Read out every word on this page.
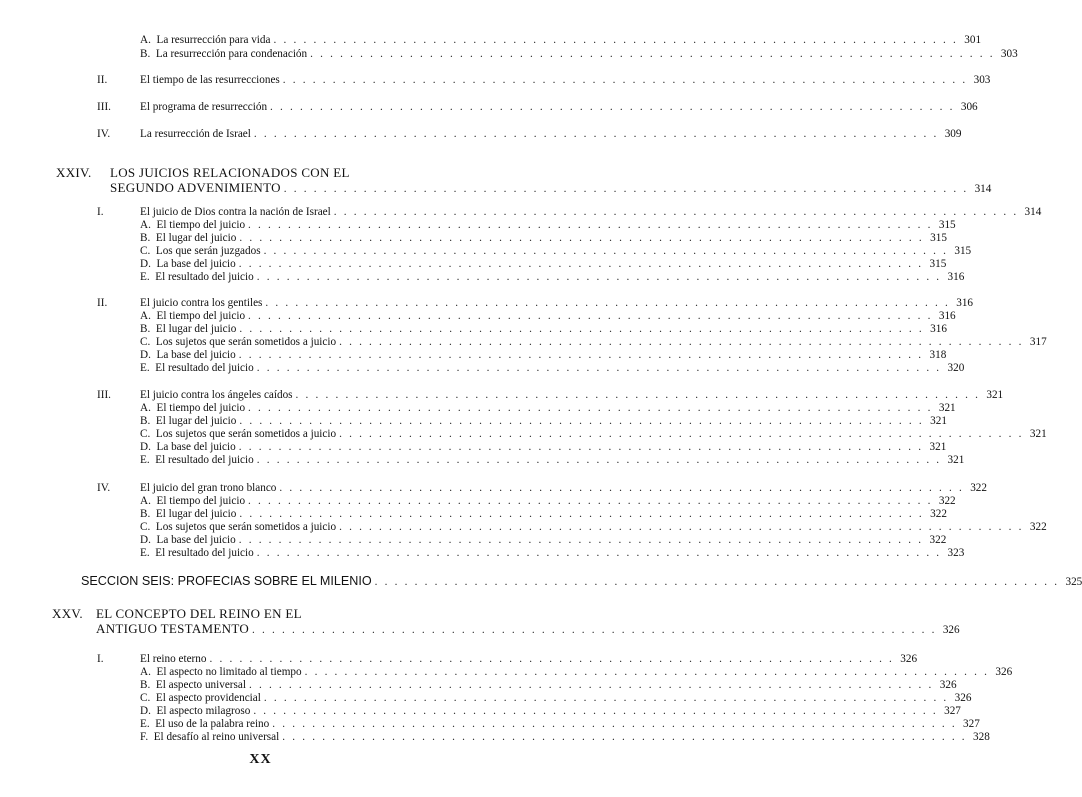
A. La resurrección para vida . . . . . . . . . . . . . . . . . . . . . . . . . . . . . . . . . . . . . . . . . . . . . . . . . . . . . . . . . . . . . . . . . . . . . 301
B. La resurrección para condenación . . . . . . . . . . . . . . . . . . . . . . . . . . . . . . . . . . . . . . . . . . . . . . . . . . . . . . . . . . . . . . . . . . . . . 303
II.	El tiempo de las resurrecciones . . . . . . . . . . . . . . . . . . . . . . . . . . . . . . . . . . . . . . . . . . . . . . . . . . . . . . . . . . . . . . . . . . . . . 303
III.	El programa de resurrección . . . . . . . . . . . . . . . . . . . . . . . . . . . . . . . . . . . . . . . . . . . . . . . . . . . . . . . . . . . . . . . . . . . . . 306
IV.	La resurrección de Israel . . . . . . . . . . . . . . . . . . . . . . . . . . . . . . . . . . . . . . . . . . . . . . . . . . . . . . . . . . . . . . . . . . . . . 309
XXIV. LOS JUICIOS RELACIONADOS CON EL
SEGUNDO ADVENIMIENTO . . . . . . . . . . . . . . . . . . . . . . . . . . . . . . . . . . . . . . . . . . . . . . . . . . . . . . . . . . . . . . . . . . . . . 314
I.	El juicio de Dios contra la nación de Israel . . . . . . . . . . . . . . . . . . . . . . . . . . . . . . . . . . . . . . . . . . . . . . . . . . . . . . . . . . . . . . . . . . . . . 314
A. El tiempo del juicio . . . . . . . . . . . . . . . . . . . . . . . . . . . . . . . . . . . . . . . . . . . . . . . . . . . . . . . . . . . . . . . . . . . . . 315
B. El lugar del juicio . . . . . . . . . . . . . . . . . . . . . . . . . . . . . . . . . . . . . . . . . . . . . . . . . . . . . . . . . . . . . . . . . . . . . 315
C. Los que serán juzgados . . . . . . . . . . . . . . . . . . . . . . . . . . . . . . . . . . . . . . . . . . . . . . . . . . . . . . . . . . . . . . . . . . . . . 315
D. La base del juicio . . . . . . . . . . . . . . . . . . . . . . . . . . . . . . . . . . . . . . . . . . . . . . . . . . . . . . . . . . . . . . . . . . . . . 315
E. El resultado del juicio . . . . . . . . . . . . . . . . . . . . . . . . . . . . . . . . . . . . . . . . . . . . . . . . . . . . . . . . . . . . . . . . . . . . . 316
II.	El juicio contra los gentiles . . . . . . . . . . . . . . . . . . . . . . . . . . . . . . . . . . . . . . . . . . . . . . . . . . . . . . . . . . . . . . . . . . . . . 316
A. El tiempo del juicio . . . . . . . . . . . . . . . . . . . . . . . . . . . . . . . . . . . . . . . . . . . . . . . . . . . . . . . . . . . . . . . . . . . . . 316
B. El lugar del juicio . . . . . . . . . . . . . . . . . . . . . . . . . . . . . . . . . . . . . . . . . . . . . . . . . . . . . . . . . . . . . . . . . . . . . 316
C. Los sujetos que serán sometidos a juicio . . . . . . . . . . . . . . . . . . . . . . . . . . . . . . . . . . . . . . . . . . . . . . . . . . . . . . . . . . . . . . . . . . . . . 317
D. La base del juicio . . . . . . . . . . . . . . . . . . . . . . . . . . . . . . . . . . . . . . . . . . . . . . . . . . . . . . . . . . . . . . . . . . . . . 318
E. El resultado del juicio . . . . . . . . . . . . . . . . . . . . . . . . . . . . . . . . . . . . . . . . . . . . . . . . . . . . . . . . . . . . . . . . . . . . . 320
III.	El juicio contra los ángeles caídos . . . . . . . . . . . . . . . . . . . . . . . . . . . . . . . . . . . . . . . . . . . . . . . . . . . . . . . . . . . . . . . . . . . . . 321
A. El tiempo del juicio . . . . . . . . . . . . . . . . . . . . . . . . . . . . . . . . . . . . . . . . . . . . . . . . . . . . . . . . . . . . . . . . . . . . . 321
B. El lugar del juicio . . . . . . . . . . . . . . . . . . . . . . . . . . . . . . . . . . . . . . . . . . . . . . . . . . . . . . . . . . . . . . . . . . . . . 321
C. Los sujetos que serán sometidos a juicio . . . . . . . . . . . . . . . . . . . . . . . . . . . . . . . . . . . . . . . . . . . . . . . . . . . . . . . . . . . . . . . . . . . . . 321
D. La base del juicio . . . . . . . . . . . . . . . . . . . . . . . . . . . . . . . . . . . . . . . . . . . . . . . . . . . . . . . . . . . . . . . . . . . . . 321
E. El resultado del juicio . . . . . . . . . . . . . . . . . . . . . . . . . . . . . . . . . . . . . . . . . . . . . . . . . . . . . . . . . . . . . . . . . . . . . 321
IV.	El juicio del gran trono blanco . . . . . . . . . . . . . . . . . . . . . . . . . . . . . . . . . . . . . . . . . . . . . . . . . . . . . . . . . . . . . . . . . . . . . 322
A. El tiempo del juicio . . . . . . . . . . . . . . . . . . . . . . . . . . . . . . . . . . . . . . . . . . . . . . . . . . . . . . . . . . . . . . . . . . . . . 322
B. El lugar del juicio . . . . . . . . . . . . . . . . . . . . . . . . . . . . . . . . . . . . . . . . . . . . . . . . . . . . . . . . . . . . . . . . . . . . . 322
C. Los sujetos que serán sometidos a juicio . . . . . . . . . . . . . . . . . . . . . . . . . . . . . . . . . . . . . . . . . . . . . . . . . . . . . . . . . . . . . . . . . . . . . 322
D. La base del juicio . . . . . . . . . . . . . . . . . . . . . . . . . . . . . . . . . . . . . . . . . . . . . . . . . . . . . . . . . . . . . . . . . . . . . 322
E. El resultado del juicio . . . . . . . . . . . . . . . . . . . . . . . . . . . . . . . . . . . . . . . . . . . . . . . . . . . . . . . . . . . . . . . . . . . . . 323
SECCION SEIS: PROFECIAS SOBRE EL MILENIO . . . . . . . . . . . . . . . . . . . . . . . . . . . . . . . . . . . . . . . . . . . . . . . . . . . . . . . . . . . . . . . . . . . . . 325
XXV. EL CONCEPTO DEL REINO EN EL
ANTIGUO TESTAMENTO . . . . . . . . . . . . . . . . . . . . . . . . . . . . . . . . . . . . . . . . . . . . . . . . . . . . . . . . . . . . . . . . . . . . . 326
I.	El reino eterno . . . . . . . . . . . . . . . . . . . . . . . . . . . . . . . . . . . . . . . . . . . . . . . . . . . . . . . . . . . . . . . . . . . . . 326
A. El aspecto no limitado al tiempo . . . . . . . . . . . . . . . . . . . . . . . . . . . . . . . . . . . . . . . . . . . . . . . . . . . . . . . . . . . . . . . . . . . . . 326
B. El aspecto universal . . . . . . . . . . . . . . . . . . . . . . . . . . . . . . . . . . . . . . . . . . . . . . . . . . . . . . . . . . . . . . . . . . . . . 326
C. El aspecto providencial . . . . . . . . . . . . . . . . . . . . . . . . . . . . . . . . . . . . . . . . . . . . . . . . . . . . . . . . . . . . . . . . . . . . . 326
D. El aspecto milagroso . . . . . . . . . . . . . . . . . . . . . . . . . . . . . . . . . . . . . . . . . . . . . . . . . . . . . . . . . . . . . . . . . . . . . 327
E. El uso de la palabra reino . . . . . . . . . . . . . . . . . . . . . . . . . . . . . . . . . . . . . . . . . . . . . . . . . . . . . . . . . . . . . . . . . . . . . 327
F. El desafío al reino universal . . . . . . . . . . . . . . . . . . . . . . . . . . . . . . . . . . . . . . . . . . . . . . . . . . . . . . . . . . . . . . . . . . . . . 328
XX
